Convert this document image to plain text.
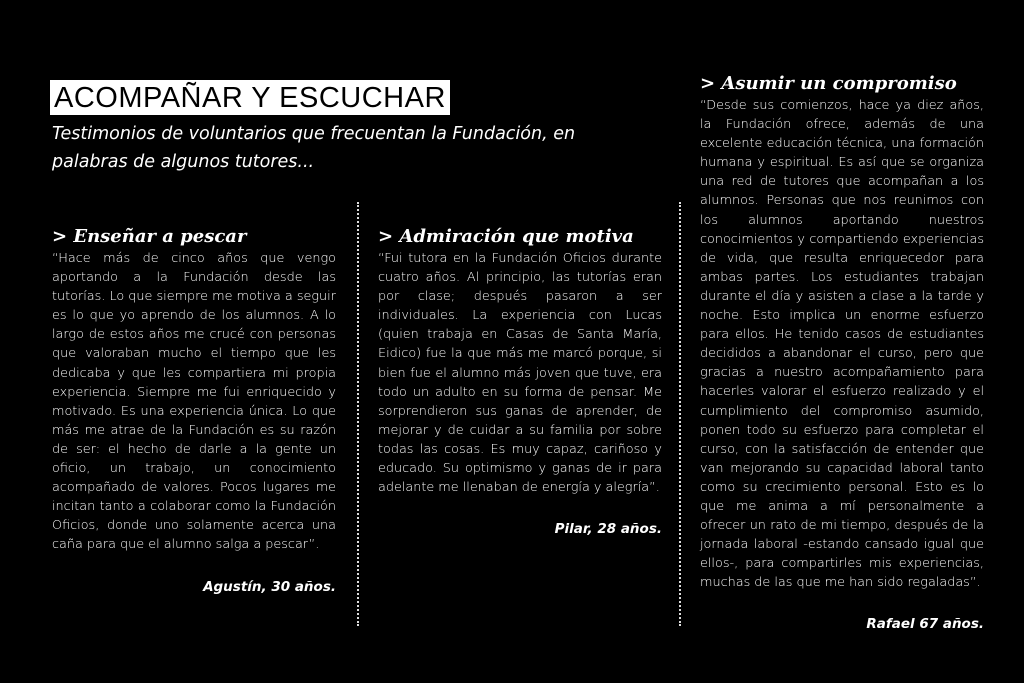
ACOMPAÑAR Y ESCUCHAR
Testimonios de voluntarios que frecuentan la Fundación, en palabras de algunos tutores...
> Enseñar a pescar

“Hace más de cinco años que vengo aportando a la Fundación desde las tutorías. Lo que siempre me motiva a seguir es lo que yo aprendo de los alumnos. A lo largo de estos años me crucé con personas que valoraban mucho el tiempo que les dedicaba y que les compartiera mi propia experiencia. Siempre me fui enriquecido y motivado. Es una experiencia única. Lo que más me atrae de la Fundación es su razón de ser: el hecho de darle a la gente un oficio, un trabajo, un conocimiento acompañado de valores. Pocos lugares me incitan tanto a colaborar como la Fundación Oficios, donde uno solamente acerca una caña para que el alumno salga a pescar”.

Agustín, 30 años.
> Admiración que motiva

“Fui tutora en la Fundación Oficios durante cuatro años. Al principio, las tutorías eran por clase; después pasaron a ser individuales. La experiencia con Lucas (quien trabaja en Casas de Santa María, Eidico) fue la que más me marcó porque, si bien fue el alumno más joven que tuve, era todo un adulto en su forma de pensar. Me sorprendieron sus ganas de aprender, de mejorar y de cuidar a su familia por sobre todas las cosas. Es muy capaz, cariñoso y educado. Su optimismo y ganas de ir para adelante me llenaban de energía y alegría”.

Pilar, 28 años.
> Asumir un compromiso

“Desde sus comienzos, hace ya diez años, la Fundación ofrece, además de una excelente educación técnica, una formación humana y espiritual. Es así que se organiza una red de tutores que acompañan a los alumnos. Personas que nos reunimos con los alumnos aportando nuestros conocimientos y compartiendo experiencias de vida, que resulta enriquecedor para ambas partes. Los estudiantes trabajan durante el día y asisten a clase a la tarde y noche. Esto implica un enorme esfuerzo para ellos. He tenido casos de estudiantes decididos a abandonar el curso, pero que gracias a nuestro acompañamiento para hacerles valorar el esfuerzo realizado y el cumplimiento del compromiso asumido, ponen todo su esfuerzo para completar el curso, con la satisfacción de entender que van mejorando su capacidad laboral tanto como su crecimiento personal. Esto es lo que me anima a mí personalmente a ofrecer un rato de mi tiempo, después de la jornada laboral -estando cansado igual que ellos-, para compartirles mis experiencias, muchas de las que me han sido regaladas”.

Rafael 67 años.
